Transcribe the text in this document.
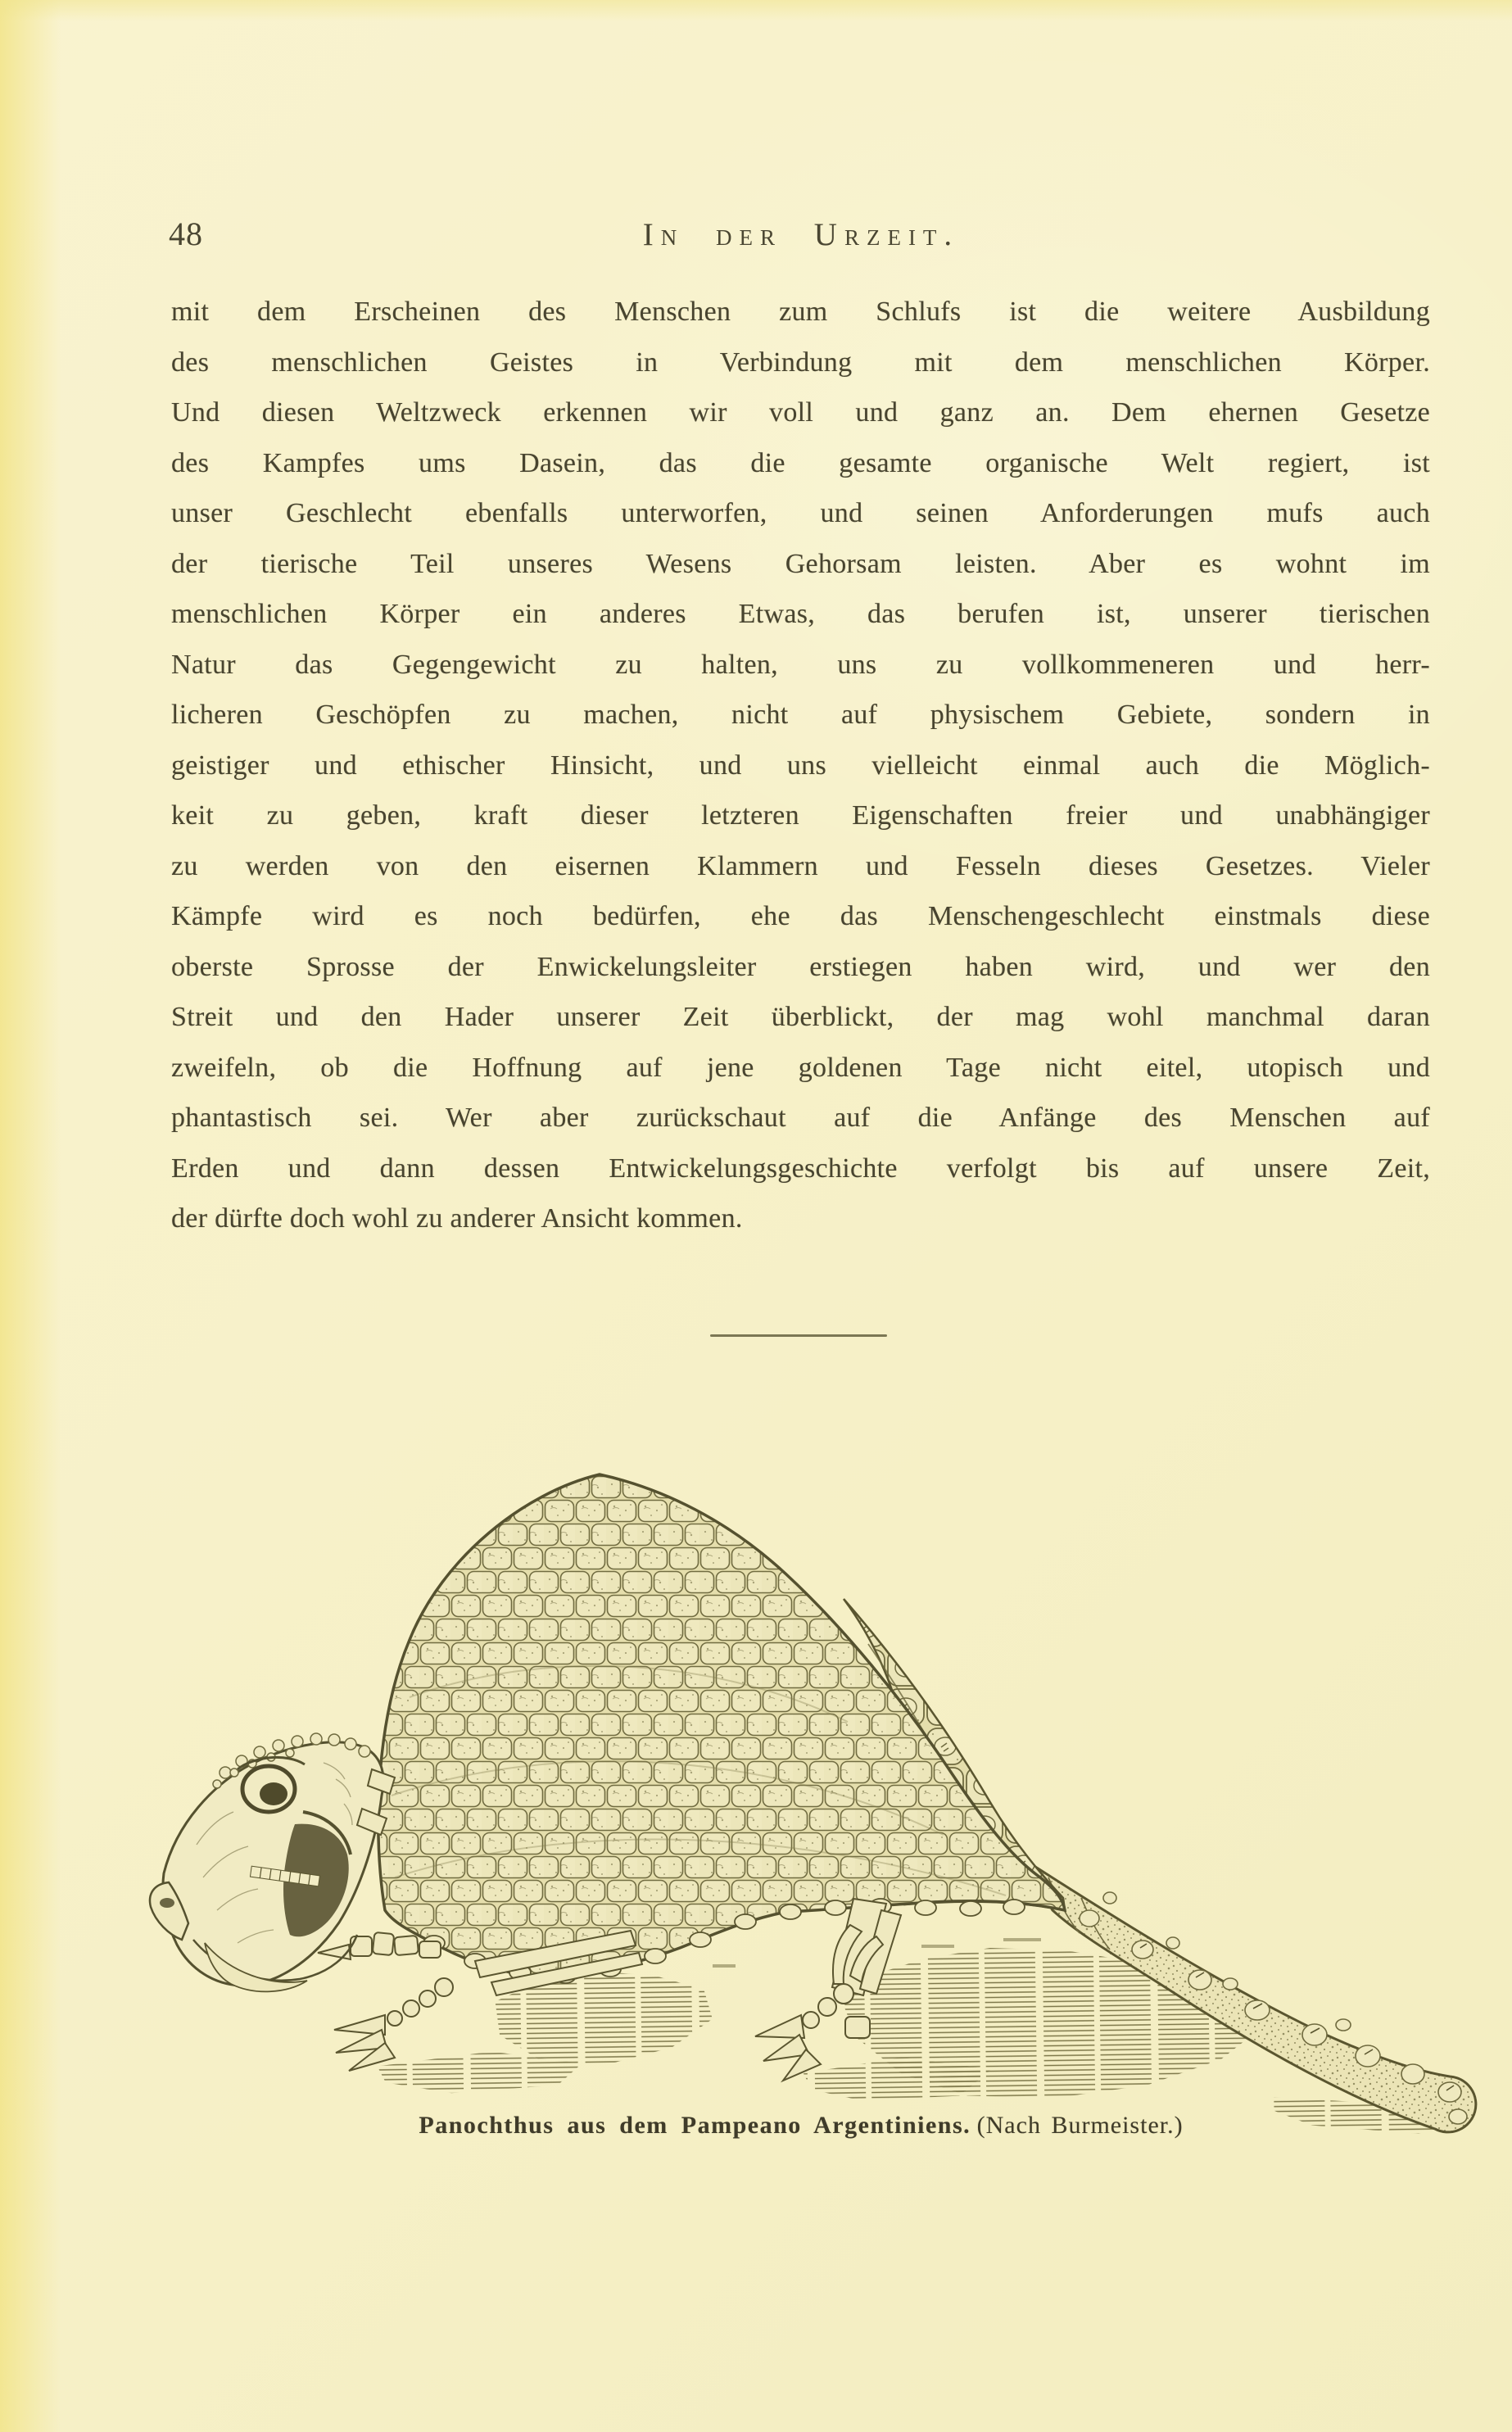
48	In der Urzeit.
mit dem Erscheinen des Menschen zum Schlufs ist die weitere Ausbildung
des menschlichen Geistes in Verbindung mit dem menschlichen Körper.
Und diesen Weltzweck erkennen wir voll und ganz an. Dem ehernen Gesetze
des Kampfes ums Dasein, das die gesamte organische Welt regiert, ist
unser Geschlecht ebenfalls unterworfen, und seinen Anforderungen mufs auch
der tierische Teil unseres Wesens Gehorsam leisten. Aber es wohnt im
menschlichen Körper ein anderes Etwas, das berufen ist, unserer tierischen
Natur das Gegengewicht zu halten, uns zu vollkommeneren und herr-
licheren Geschöpfen zu machen, nicht auf physischem Gebiete, sondern in
geistiger und ethischer Hinsicht, und uns vielleicht einmal auch die Möglich-
keit zu geben, kraft dieser letzteren Eigenschaften freier und unabhängiger
zu werden von den eisernen Klammern und Fesseln dieses Gesetzes. Vieler
Kämpfe wird es noch bedürfen, ehe das Menschengeschlecht einstmals diese
oberste Sprosse der Enwickelungsleiter erstiegen haben wird, und wer den
Streit und den Hader unserer Zeit überblickt, der mag wohl manchmal daran
zweifeln, ob die Hoffnung auf jene goldenen Tage nicht eitel, utopisch und
phantastisch sei. Wer aber zurückschaut auf die Anfänge des Menschen auf
Erden und dann dessen Entwickelungsgeschichte verfolgt bis auf unsere Zeit,
der dürfte doch wohl zu anderer Ansicht kommen.
Panochthus aus dem Pampeano Argentiniens. (Nach Burmeister.)
